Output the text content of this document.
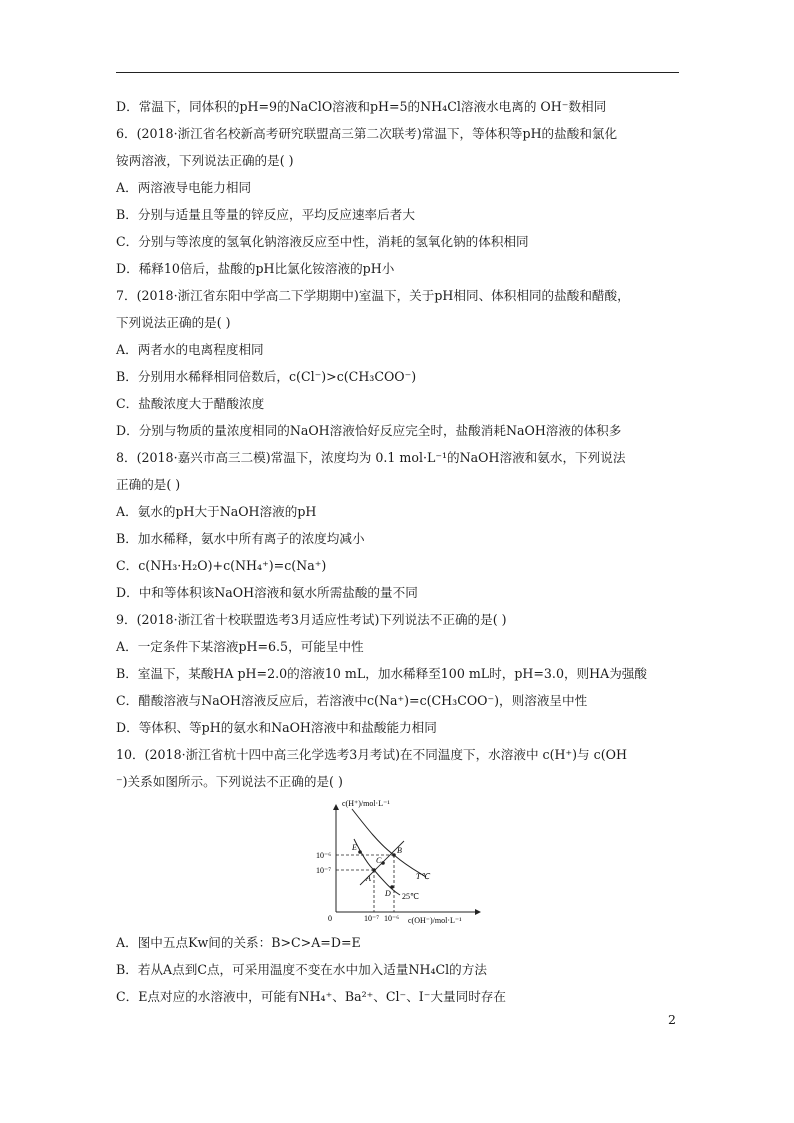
D．常温下，同体积的pH=9的NaClO溶液和pH=5的NH₄Cl溶液水电离的 OH⁻数相同
6．(2018·浙江省名校新高考研究联盟高三第二次联考)常温下，等体积等pH的盐酸和氯化
铵两溶液，下列说法正确的是( )
A．两溶液导电能力相同
B．分别与适量且等量的锌反应，平均反应速率后者大
C．分别与等浓度的氢氧化钠溶液反应至中性，消耗的氢氧化钠的体积相同
D．稀释10倍后，盐酸的pH比氯化铵溶液的pH小
7．(2018·浙江省东阳中学高二下学期期中)室温下，关于pH相同、体积相同的盐酸和醋酸，
下列说法正确的是( )
A．两者水的电离程度相同
B．分别用水稀释相同倍数后，c(Cl⁻)>c(CH₃COO⁻)
C．盐酸浓度大于醋酸浓度
D．分别与物质的量浓度相同的NaOH溶液恰好反应完全时，盐酸消耗NaOH溶液的体积多
8．(2018·嘉兴市高三二模)常温下，浓度均为 0.1 mol·L⁻¹的NaOH溶液和氨水，下列说法
正确的是( )
A．氨水的pH大于NaOH溶液的pH
B．加水稀释，氨水中所有离子的浓度均减小
C．c(NH₃·H₂O)+c(NH₄⁺)=c(Na⁺)
D．中和等体积该NaOH溶液和氨水所需盐酸的量不同
9．(2018·浙江省十校联盟选考3月适应性考试)下列说法不正确的是( )
A．一定条件下某溶液pH=6.5，可能呈中性
B．室温下，某酸HA pH=2.0的溶液10 mL，加水稀释至100 mL时，pH=3.0，则HA为强酸
C．醋酸溶液与NaOH溶液反应后，若溶液中c(Na⁺)=c(CH₃COO⁻)，则溶液呈中性
D．等体积、等pH的氨水和NaOH溶液中和盐酸能力相同
10．(2018·浙江省杭十四中高三化学选考3月考试)在不同温度下，水溶液中 c(H⁺)与 c(OH
⁻)关系如图所示。下列说法不正确的是( )
c(H⁺)/mol·L⁻¹
c(OH⁻)/mol·L⁻¹
0
10⁻⁶
10⁻⁷
10⁻⁷ 10⁻⁶
E
C
B
A
D
T℃
25℃
A．图中五点Kw间的关系：B>C>A=D=E
B．若从A点到C点，可采用温度不变在水中加入适量NH₄Cl的方法
C．E点对应的水溶液中，可能有NH₄⁺、Ba²⁺、Cl⁻、I⁻大量同时存在
2
